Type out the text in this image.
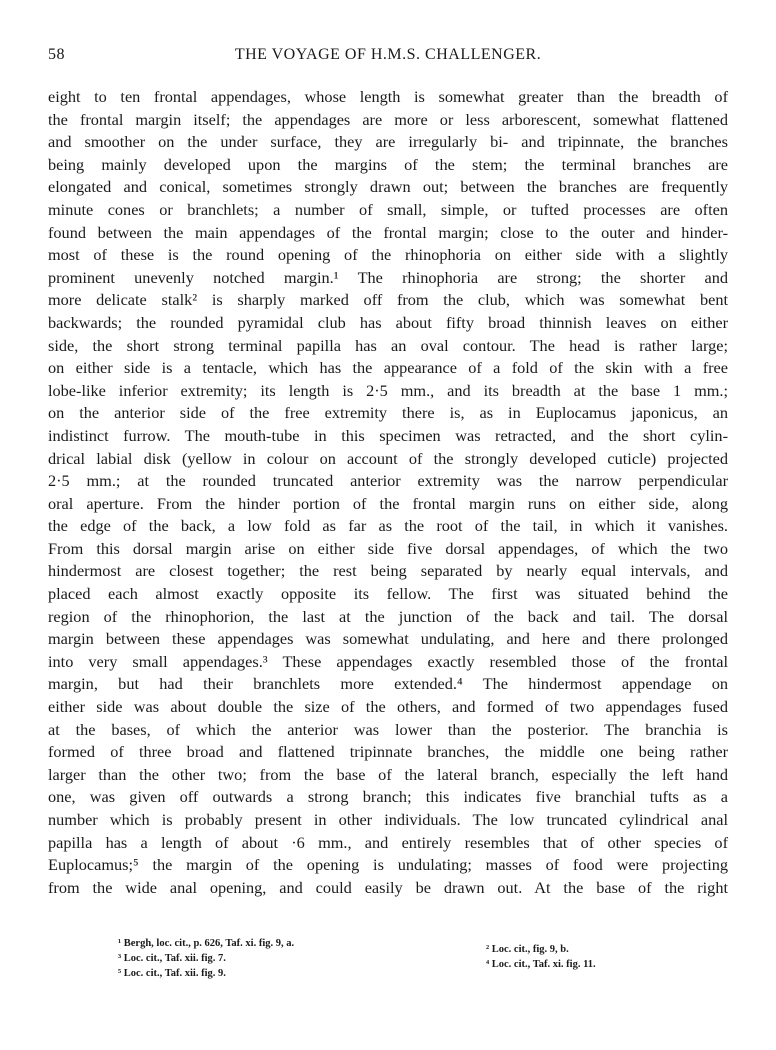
58	THE VOYAGE OF H.M.S. CHALLENGER.
eight to ten frontal appendages, whose length is somewhat greater than the breadth of
the frontal margin itself; the appendages are more or less arborescent, somewhat flattened
and smoother on the under surface, they are irregularly bi- and tripinnate, the branches
being mainly developed upon the margins of the stem; the terminal branches are
elongated and conical, sometimes strongly drawn out; between the branches are frequently
minute cones or branchlets; a number of small, simple, or tufted processes are often
found between the main appendages of the frontal margin; close to the outer and hinder-
most of these is the round opening of the rhinophoria on either side with a slightly
prominent unevenly notched margin.¹ The rhinophoria are strong; the shorter and
more delicate stalk² is sharply marked off from the club, which was somewhat bent
backwards; the rounded pyramidal club has about fifty broad thinnish leaves on either
side, the short strong terminal papilla has an oval contour. The head is rather large;
on either side is a tentacle, which has the appearance of a fold of the skin with a free
lobe-like inferior extremity; its length is 2·5 mm., and its breadth at the base 1 mm.;
on the anterior side of the free extremity there is, as in Euplocamus japonicus, an
indistinct furrow. The mouth-tube in this specimen was retracted, and the short cylin-
drical labial disk (yellow in colour on account of the strongly developed cuticle) projected
2·5 mm.; at the rounded truncated anterior extremity was the narrow perpendicular
oral aperture. From the hinder portion of the frontal margin runs on either side, along
the edge of the back, a low fold as far as the root of the tail, in which it vanishes.
From this dorsal margin arise on either side five dorsal appendages, of which the two
hindermost are closest together; the rest being separated by nearly equal intervals, and
placed each almost exactly opposite its fellow. The first was situated behind the
region of the rhinophorion, the last at the junction of the back and tail. The dorsal
margin between these appendages was somewhat undulating, and here and there prolonged
into very small appendages.³ These appendages exactly resembled those of the frontal
margin, but had their branchlets more extended.⁴ The hindermost appendage on
either side was about double the size of the others, and formed of two appendages fused
at the bases, of which the anterior was lower than the posterior. The branchia is
formed of three broad and flattened tripinnate branches, the middle one being rather
larger than the other two; from the base of the lateral branch, especially the left hand
one, was given off outwards a strong branch; this indicates five branchial tufts as a
number which is probably present in other individuals. The low truncated cylindrical anal
papilla has a length of about ·6 mm., and entirely resembles that of other species of
Euplocamus;⁵ the margin of the opening is undulating; masses of food were projecting
from the wide anal opening, and could easily be drawn out. At the base of the right
¹ Bergh, loc. cit., p. 626, Taf. xi. fig. 9, a.
³ Loc. cit., Taf. xii. fig. 7.
⁵ Loc. cit., Taf. xii. fig. 9.
² Loc. cit., fig. 9, b.
⁴ Loc. cit., Taf. xi. fig. 11.
